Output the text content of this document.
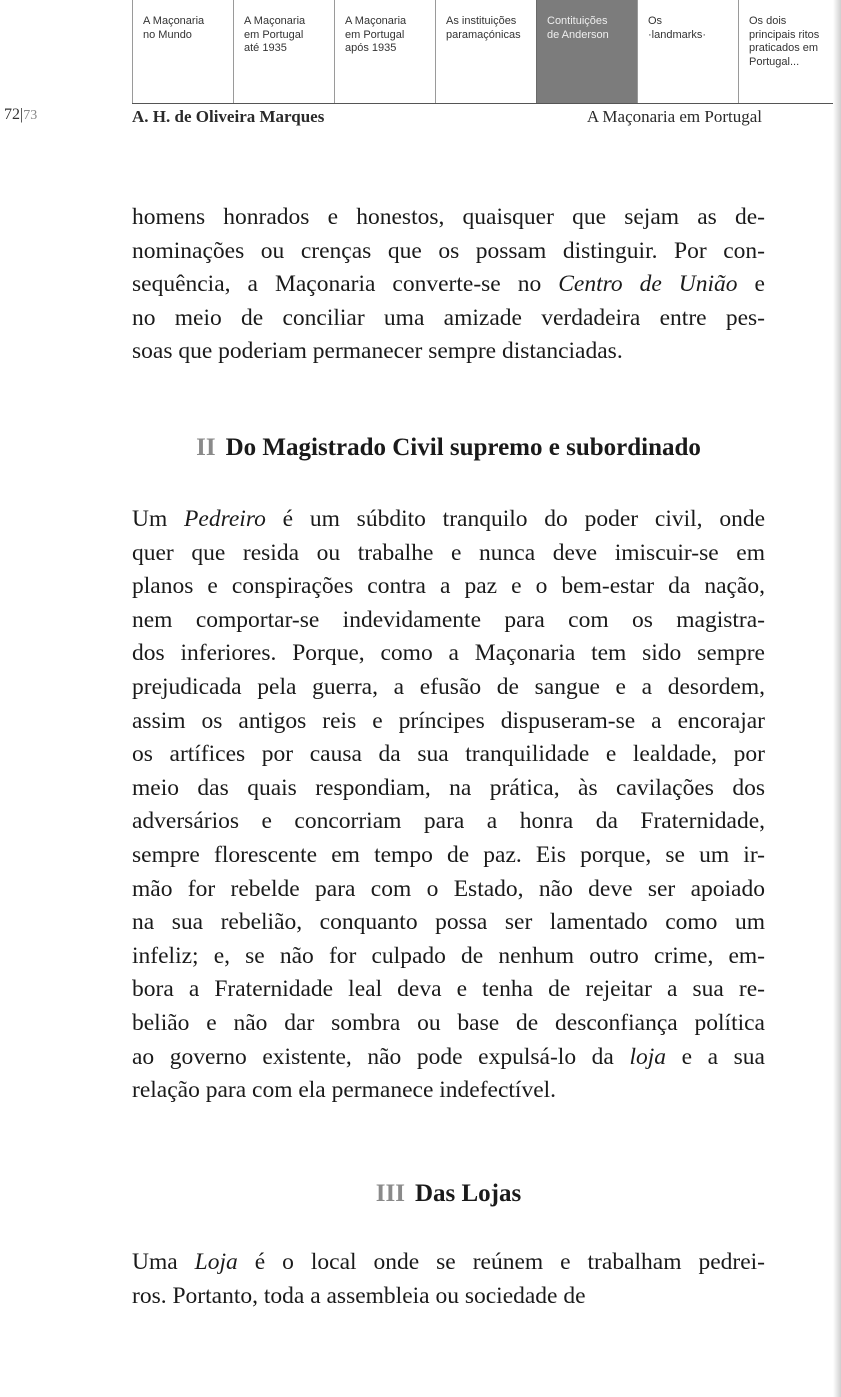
A Maçonaria
no Mundo
A Maçonaria
em Portugal
até 1935
A Maçonaria
em Portugal
após 1935
As instituições
paramaçónicas
Contituições
de Anderson
Os
·landmarks·
Os dois
principais ritos
praticados em
Portugal...
72|73	A. H. de Oliveira Marques	A Maçonaria em Portugal
homens honrados e honestos, quaisquer que sejam as de-
nominações ou crenças que os possam distinguir. Por con-
sequência, a Maçonaria converte-se no Centro de União e
no meio de conciliar uma amizade verdadeira entre pes-
soas que poderiam permanecer sempre distanciadas.
II Do Magistrado Civil supremo e subordinado
Um Pedreiro é um súbdito tranquilo do poder civil, onde
quer que resida ou trabalhe e nunca deve imiscuir-se em
planos e conspirações contra a paz e o bem-estar da nação,
nem comportar-se indevidamente para com os magistra-
dos inferiores. Porque, como a Maçonaria tem sido sempre
prejudicada pela guerra, a efusão de sangue e a desordem,
assim os antigos reis e príncipes dispuseram-se a encorajar
os artífices por causa da sua tranquilidade e lealdade, por
meio das quais respondiam, na prática, às cavilações dos
adversários e concorriam para a honra da Fraternidade,
sempre florescente em tempo de paz. Eis porque, se um ir-
mão for rebelde para com o Estado, não deve ser apoiado
na sua rebelião, conquanto possa ser lamentado como um
infeliz; e, se não for culpado de nenhum outro crime, em-
bora a Fraternidade leal deva e tenha de rejeitar a sua re-
belião e não dar sombra ou base de desconfiança política
ao governo existente, não pode expulsá-lo da loja e a sua
relação para com ela permanece indefectível.
III Das Lojas
Uma Loja é o local onde se reúnem e trabalham pedrei-
ros. Portanto, toda a assembleia ou sociedade de
